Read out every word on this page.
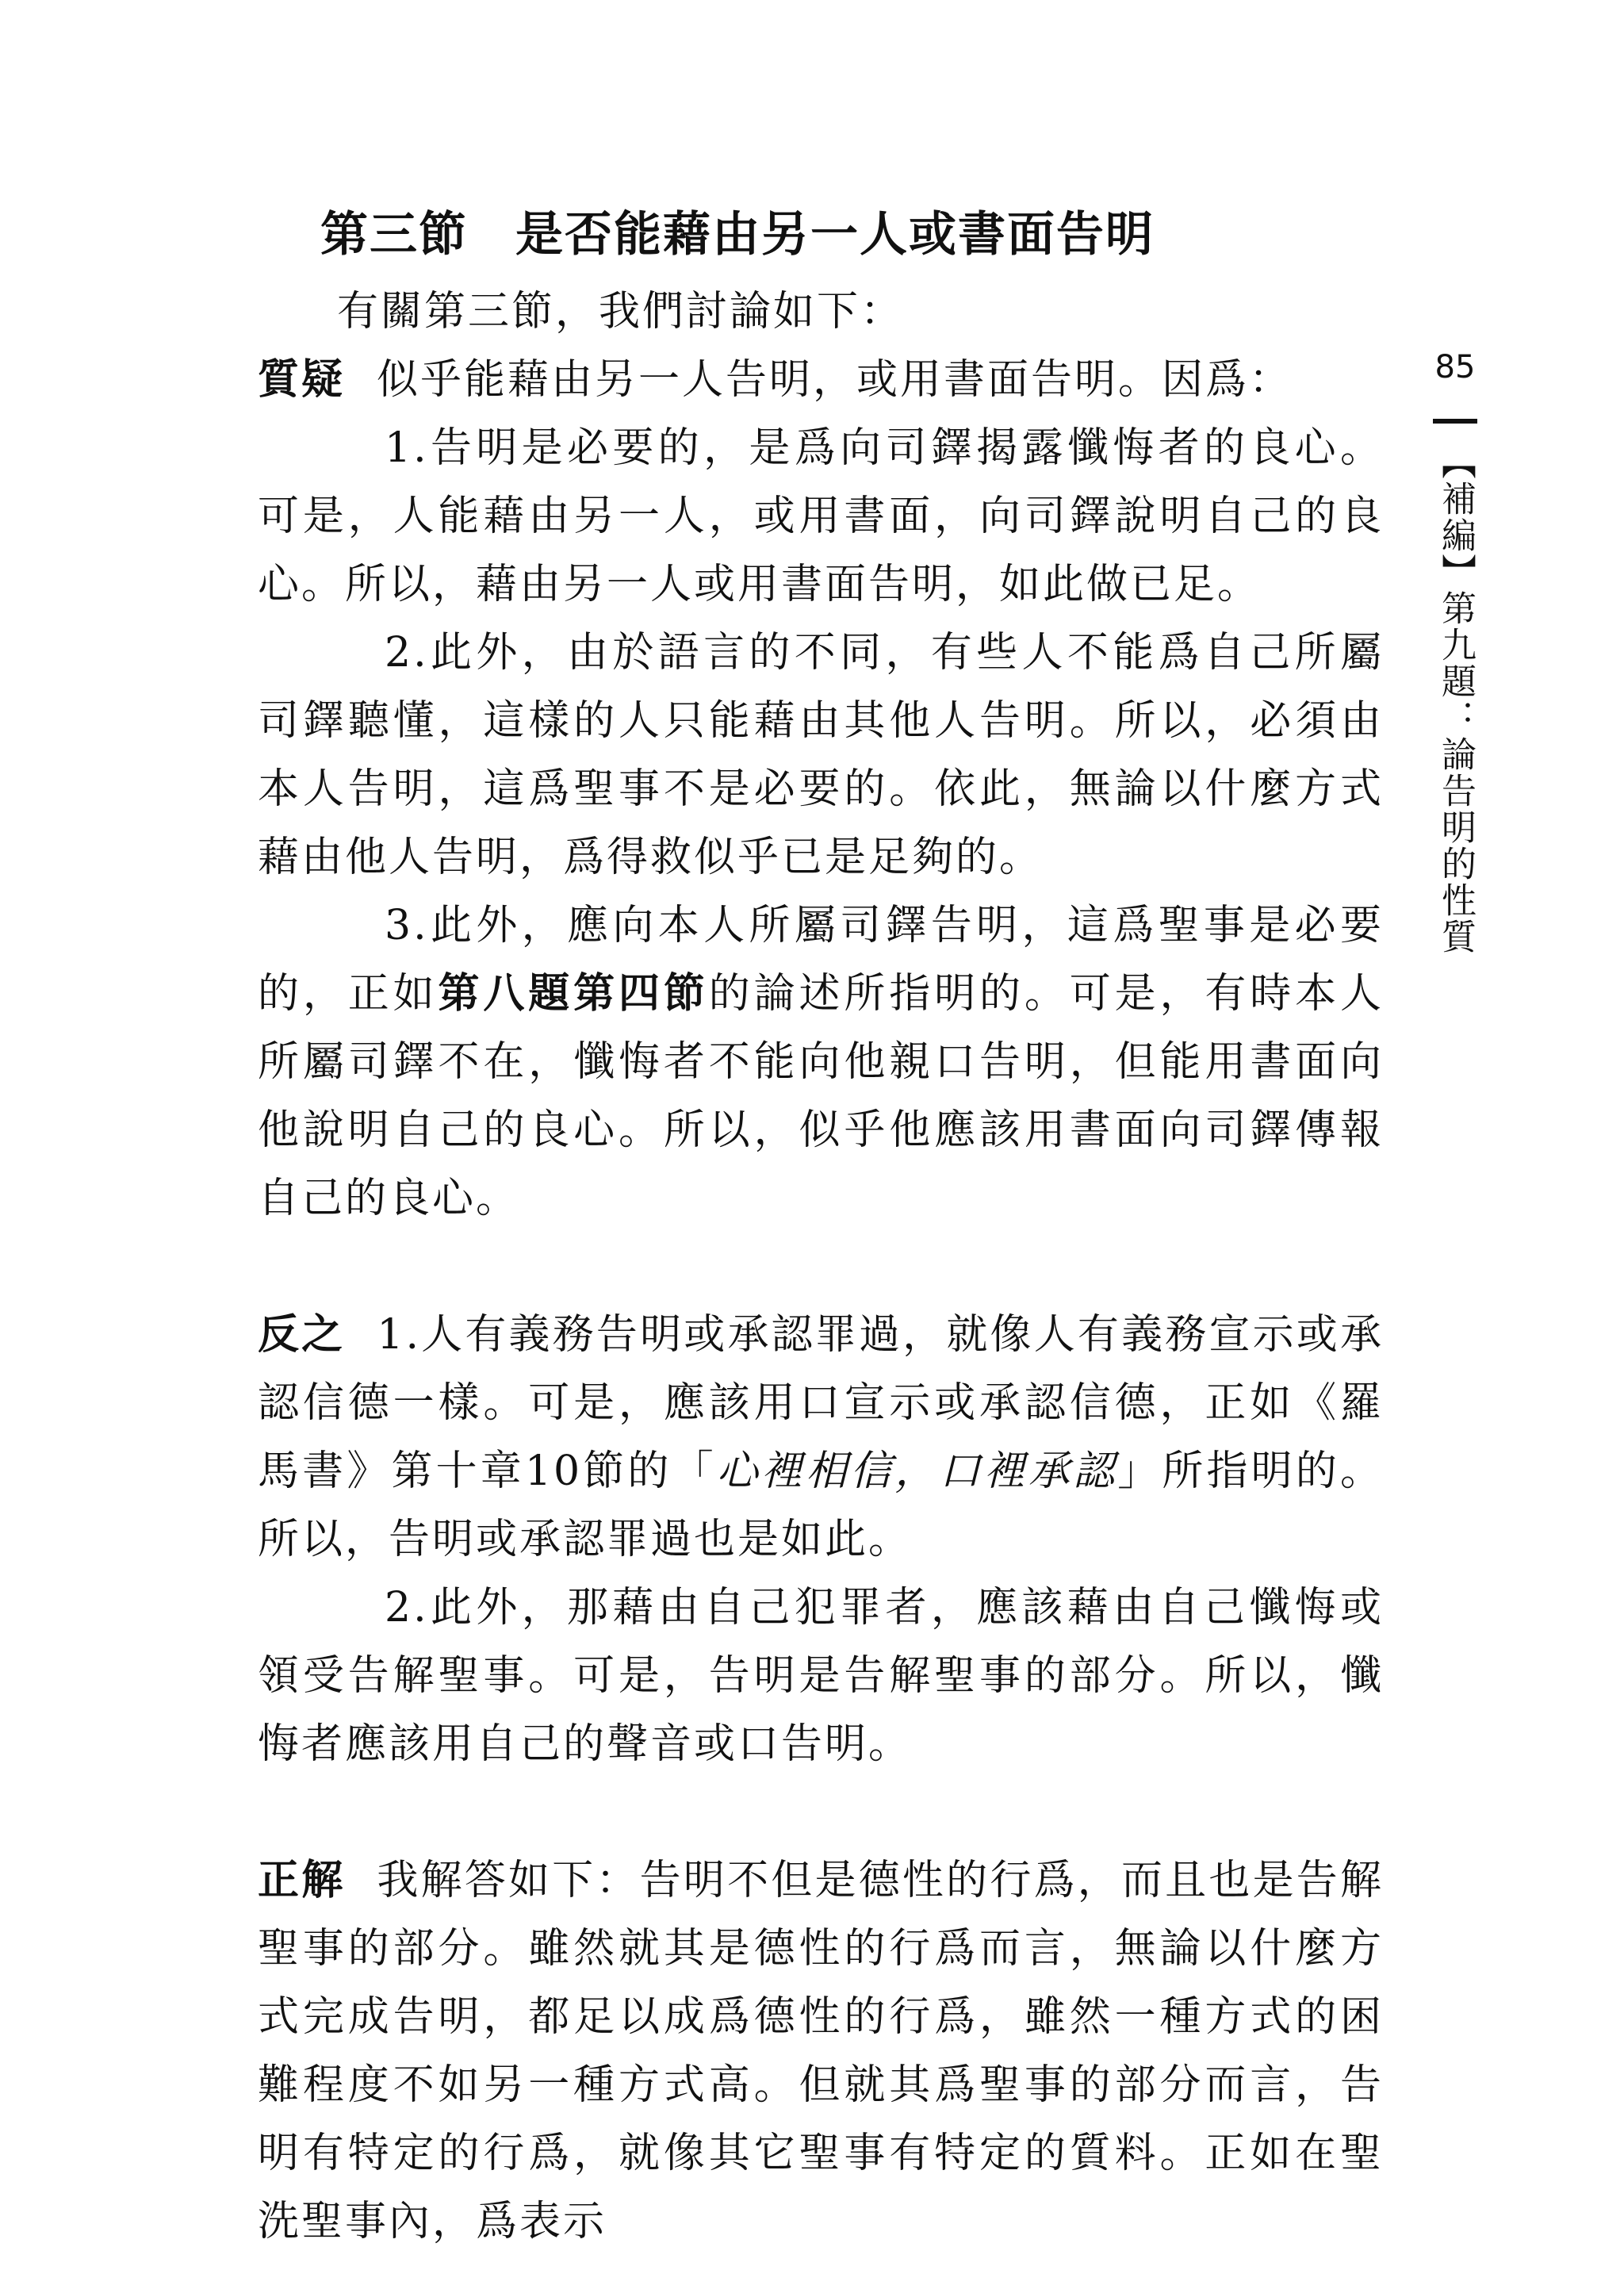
第三節 是否能藉由另一人或書面告明
85
【補編】第九題：論告明的性質

有關第三節，我們討論如下：

質疑 似乎能藉由另一人告明，或用書面告明。因爲：

1.告明是必要的，是爲向司鐸揭露懺悔者的良心。可是，人能藉由另一人，或用書面，向司鐸說明自己的良心。所以，藉由另一人或用書面告明，如此做已足。

2.此外，由於語言的不同，有些人不能爲自己所屬司鐸聽懂，這樣的人只能藉由其他人告明。所以，必須由本人告明，這爲聖事不是必要的。依此，無論以什麼方式藉由他人告明，爲得救似乎已是足夠的。

3.此外，應向本人所屬司鐸告明，這爲聖事是必要的，正如第八題第四節的論述所指明的。可是，有時本人所屬司鐸不在，懺悔者不能向他親口告明，但能用書面向他說明自己的良心。所以，似乎他應該用書面向司鐸傳報自己的良心。

反之 1.人有義務告明或承認罪過，就像人有義務宣示或承認信德一樣。可是，應該用口宣示或承認信德，正如《羅馬書》第十章10節的「心裡相信，口裡承認」所指明的。所以，告明或承認罪過也是如此。

2.此外，那藉由自己犯罪者，應該藉由自己懺悔或領受告解聖事。可是，告明是告解聖事的部分。所以，懺悔者應該用自己的聲音或口告明。

正解 我解答如下：告明不但是德性的行爲，而且也是告解聖事的部分。雖然就其是德性的行爲而言，無論以什麼方式完成告明，都足以成爲德性的行爲，雖然一種方式的困難程度不如另一種方式高。但就其爲聖事的部分而言，告明有特定的行爲，就像其它聖事有特定的質料。正如在聖洗聖事內，爲表示
